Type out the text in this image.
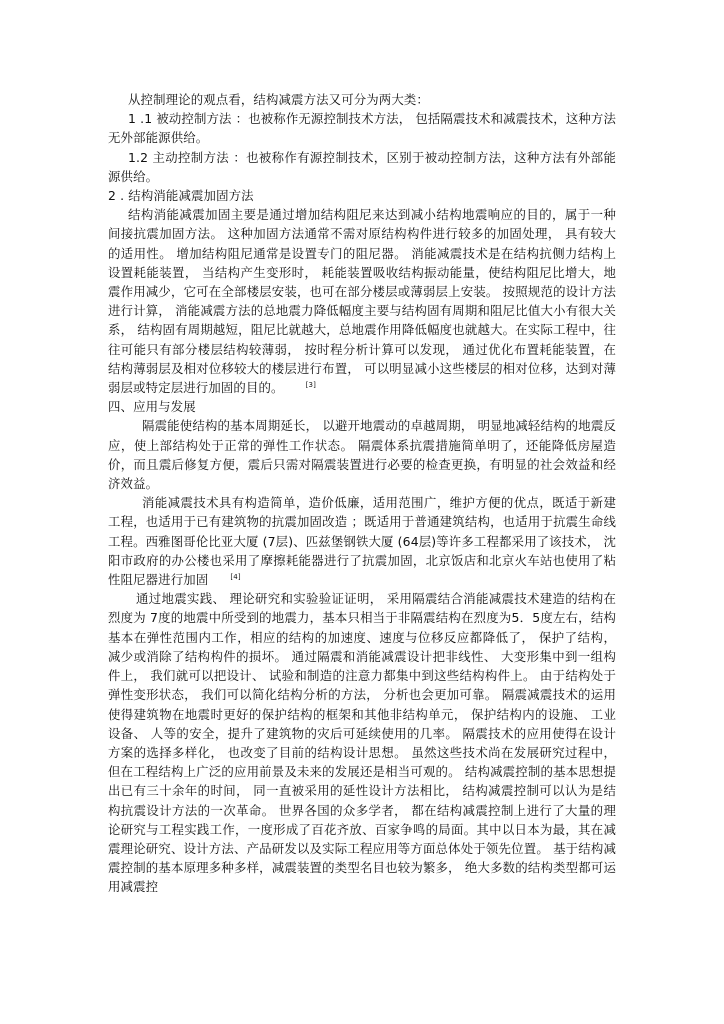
从控制理论的观点看，结构减震方法又可分为两大类：

1 .1 被动控制方法 ：也被称作无源控制技术方法， 包括隔震技术和减震技术，这种方法无外部能源供给。

1.2 主动控制方法 ：也被称作有源控制技术，区别于被动控制方法，这种方法有外部能源供给。

2 . 结构消能减震加固方法

结构消能减震加固主要是通过增加结构阻尼来达到减小结构地震响应的目的，属于一种间接抗震加固方法。 这种加固方法通常不需对原结构构件进行较多的加固处理， 具有较大的适用性。 增加结构阻尼通常是设置专门的阻尼器。 消能减震技术是在结构抗侧力结构上设置耗能装置， 当结构产生变形时， 耗能装置吸收结构振动能量，使结构阻尼比增大，地震作用减少，它可在全部楼层安装，也可在部分楼层或薄弱层上安装。 按照规范的设计方法进行计算， 消能减震方法的总地震力降低幅度主要与结构固有周期和阻尼比值大小有很大关系， 结构固有周期越短，阻尼比就越大，总地震作用降低幅度也就越大。在实际工程中，往往可能只有部分楼层结构较薄弱， 按时程分析计算可以发现， 通过优化布置耗能装置，在结构薄弱层及相对位移较大的楼层进行布置， 可以明显减小这些楼层的相对位移，达到对薄弱层或特定层进行加固的目的。	[3]

四、应用与发展

隔震能使结构的基本周期延长， 以避开地震动的卓越周期， 明显地减轻结构的地震反应，使上部结构处于正常的弹性工作状态。 隔震体系抗震措施简单明了，还能降低房屋造价，而且震后修复方便，震后只需对隔震装置进行必要的检查更换，有明显的社会效益和经济效益。

消能减震技术具有构造简单，造价低廉，适用范围广，维护方便的优点，既适于新建工程，也适用于已有建筑物的抗震加固改造 ；既适用于普通建筑结构，也适用于抗震生命线工程。西雅图哥伦比亚大厦 (7层)、匹兹堡钢铁大厦 (64层)等许多工程都采用了该技术， 沈阳市政府的办公楼也采用了摩擦耗能器进行了抗震加固，北京饭店和北京火车站也使用了粘性阻尼器进行加固	[4]

通过地震实践、 理论研究和实验验证证明， 采用隔震结合消能减震技术建造的结构在烈度为 7度的地震中所受到的地震力，基本只相当于非隔震结构在烈度为5．5度左右，结构基本在弹性范围内工作，相应的结构的加速度、速度与位移反应都降低了， 保护了结构， 减少或消除了结构构件的损坏。 通过隔震和消能减震设计把非线性、 大变形集中到一组构件上， 我们就可以把设计、 试验和制造的注意力都集中到这些结构构件上。 由于结构处于弹性变形状态， 我们可以简化结构分析的方法， 分析也会更加可靠。 隔震减震技术的运用使得建筑物在地震时更好的保护结构的框架和其他非结构单元， 保护结构内的设施、 工业设备、 人等的安全，提升了建筑物的灾后可延续使用的几率。 隔震技术的应用使得在设计方案的选择多样化， 也改变了目前的结构设计思想。 虽然这些技术尚在发展研究过程中，但在工程结构上广泛的应用前景及未来的发展还是相当可观的。 结构减震控制的基本思想提出已有三十余年的时间， 同一直被采用的延性设计方法相比， 结构减震控制可以认为是结构抗震设计方法的一次革命。 世界各国的众多学者， 都在结构减震控制上进行了大量的理论研究与工程实践工作，一度形成了百花齐放、百家争鸣的局面。其中以日本为最，其在减震理论研究、设计方法、产品研发以及实际工程应用等方面总体处于领先位置。 基于结构减震控制的基本原理多种多样，减震装置的类型名目也较为繁多， 绝大多数的结构类型都可运用减震控
